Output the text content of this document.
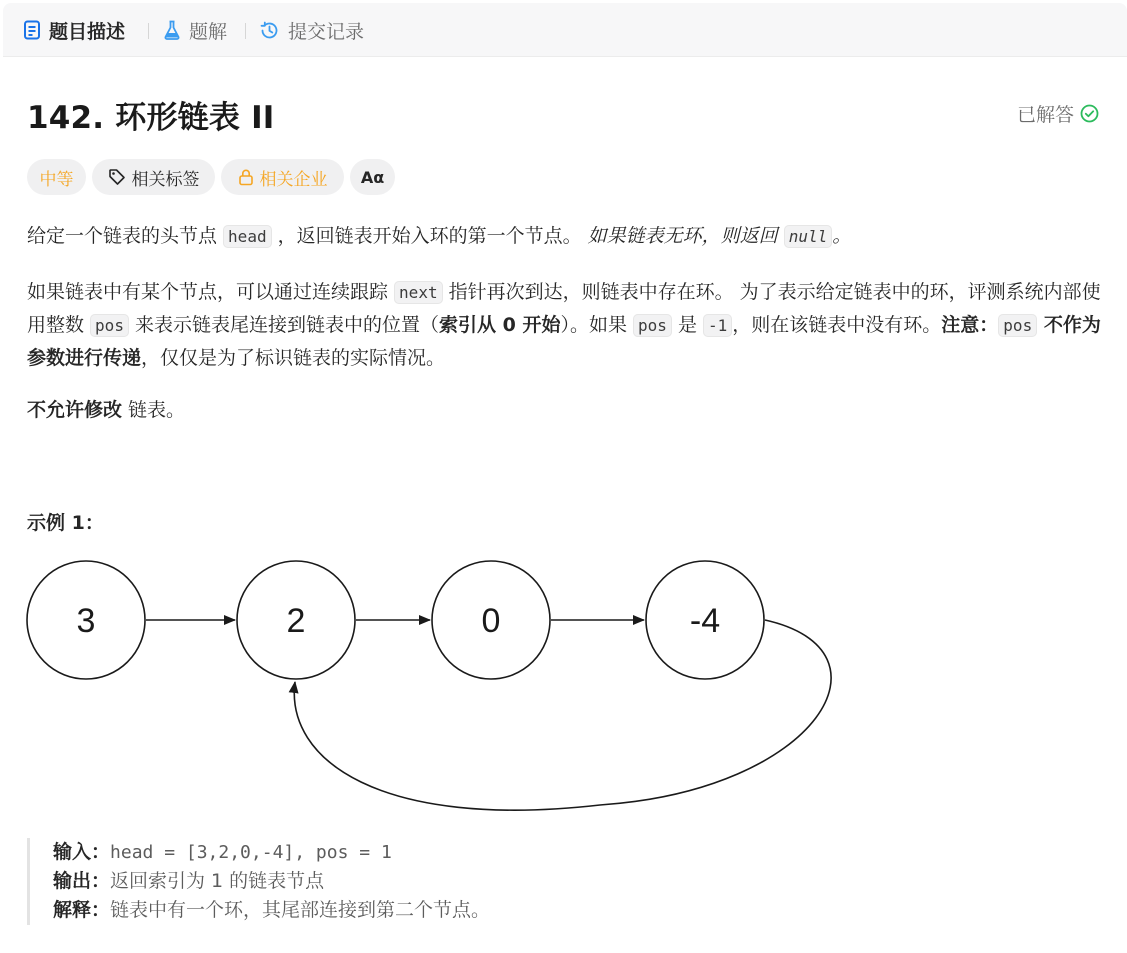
题目描述	题解	提交记录
142. 环形链表 II	已解答
中等	相关标签	相关企业 Aα
给定一个链表的头节点 head ，返回链表开始入环的第一个节点。 如果链表无环，则返回 null 。
如果链表中有某个节点，可以通过连续跟踪 next 指针再次到达，则链表中存在环。 为了表示给定链表中的环，评测系统内部使用整数 pos 来表示链表尾连接到链表中的位置（索引从 0 开始）。如果 pos 是 -1 ，则在该链表中没有环。注意： pos 不作为参数进行传递，仅仅是为了标识链表的实际情况。
不允许修改 链表。
示例 1：
3	2	0	-4
输入：head = [3,2,0,-4], pos = 1
输出：返回索引为 1 的链表节点
解释：链表中有一个环，其尾部连接到第二个节点。
